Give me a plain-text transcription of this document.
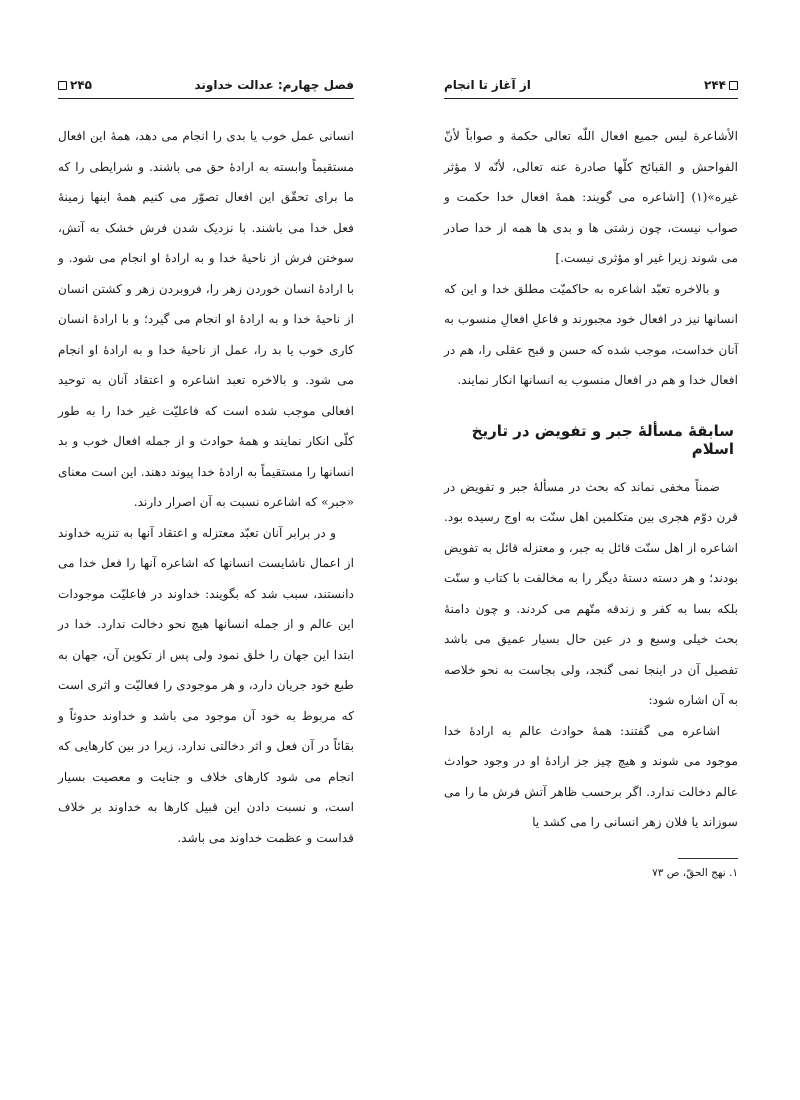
۲۴۵	فصل چهارم: عدالت خداوند

انسانی عمل خوب یا بدی را انجام می دهد، همهٔ این افعال مستقیماً وابسته به ارادهٔ حق می باشند. و شرایطی را که ما برای تحقّق این افعال تصوّر می کنیم همهٔ اینها زمینهٔ فعل خدا می باشند. با نزدیک شدن فرش خشک به آتش، سوختن فرش از ناحیهٔ خدا و به ارادهٔ او انجام می شود. و با ارادهٔ انسان خوردن زهر را، فروبردن زهر و کشتن انسان از ناحیهٔ خدا و به ارادهٔ او انجام می گیرد؛ و با ارادهٔ انسان کاری خوب یا بد را، عمل از ناحیهٔ خدا و به ارادهٔ او انجام می شود. و بالاخره تعبد اشاعره و اعتقاد آنان به توحید افعالی موجب شده است که فاعلیّت غیر خدا را به طور کلّی انکار نمایند و همهٔ حوادث و از جمله افعال خوب و بد انسانها را مستقیماً به ارادهٔ خدا پیوند دهند. این است معنای «جبر» که اشاعره نسبت به آن اصرار دارند.

و در برابر آنان تعبّد معتزله و اعتقاد آنها به تنزیه خداوند از اعمال ناشایست انسانها که اشاعره آنها را فعل خدا می دانستند، سبب شد که بگویند: خداوند در فاعلیّت موجودات این عالم و از جمله انسانها هیچ نحو دخالت ندارد. خدا در ابتدا این جهان را خلق نمود ولی پس از تکوین آن، جهان به طبع خود جریان دارد، و هر موجودی را فعالیّت و اثری است که مربوط به خود آن موجود می باشد و خداوند حدوثاً و بقائاً در آن فعل و اثر دخالتی ندارد. زیرا در بین کارهایی که انجام می شود کارهای خلاف و جنایت و معصیت بسیار است، و نسبت دادن این قبیل کارها به خداوند بر خلاف قداست و عظمت خداوند می باشد.

از آغاز تا انجام	۲۴۴

الأشاعرة لیس جمیع افعال اللّه تعالی حکمة و صواباً لأنّ الفواحش و القبائح کلّها صادرة عنه تعالی، لأنّه لا مؤثر غیره»(۱) [اشاعره می گویند: همهٔ افعال خدا حکمت و صواب نیست، چون زشتی ها و بدی ها همه از خدا صادر می شوند زیرا غیر او مؤثری نیست.]

و بالاخره تعبّد اشاعره به حاکمیّت مطلق خدا و این که انسانها نیز در افعال خود مجبورند و فاعلِ افعالِ منسوب به آنان خداست، موجب شده که حسن و قبح عقلی را، هم در افعال خدا و هم در افعال منسوب به انسانها انکار نمایند.

سابقهٔ مسألهٔ جبر و تفویض در تاریخ اسلام

ضمناً مخفی نماند که بحث در مسألهٔ جبر و تفویض در قرن دوّم هجری بین متکلمین اهل سنّت به اوج رسیده بود. اشاعره از اهل سنّت قائل به جبر، و معتزله قائل به تفویض بودند؛ و هر دسته دستهٔ دیگر را به مخالفت با کتاب و سنّت بلکه بسا به کفر و زندقه متّهم می کردند. و چون دامنهٔ بحث خیلی وسیع و در عین حال بسیار عمیق می باشد تفصیل آن در اینجا نمی گنجد، ولی بجاست به نحو خلاصه به آن اشاره شود:

اشاعره می گفتند: همهٔ حوادث عالم به ارادهٔ خدا موجود می شوند و هیچ چیز جز ارادهٔ او در وجود حوادث عالم دخالت ندارد. اگر برحسب ظاهر آتش فرش ما را می سوزاند یا فلان زهر انسانی را می کشد یا

۱. نهج الحقّ، ص ۷۳
